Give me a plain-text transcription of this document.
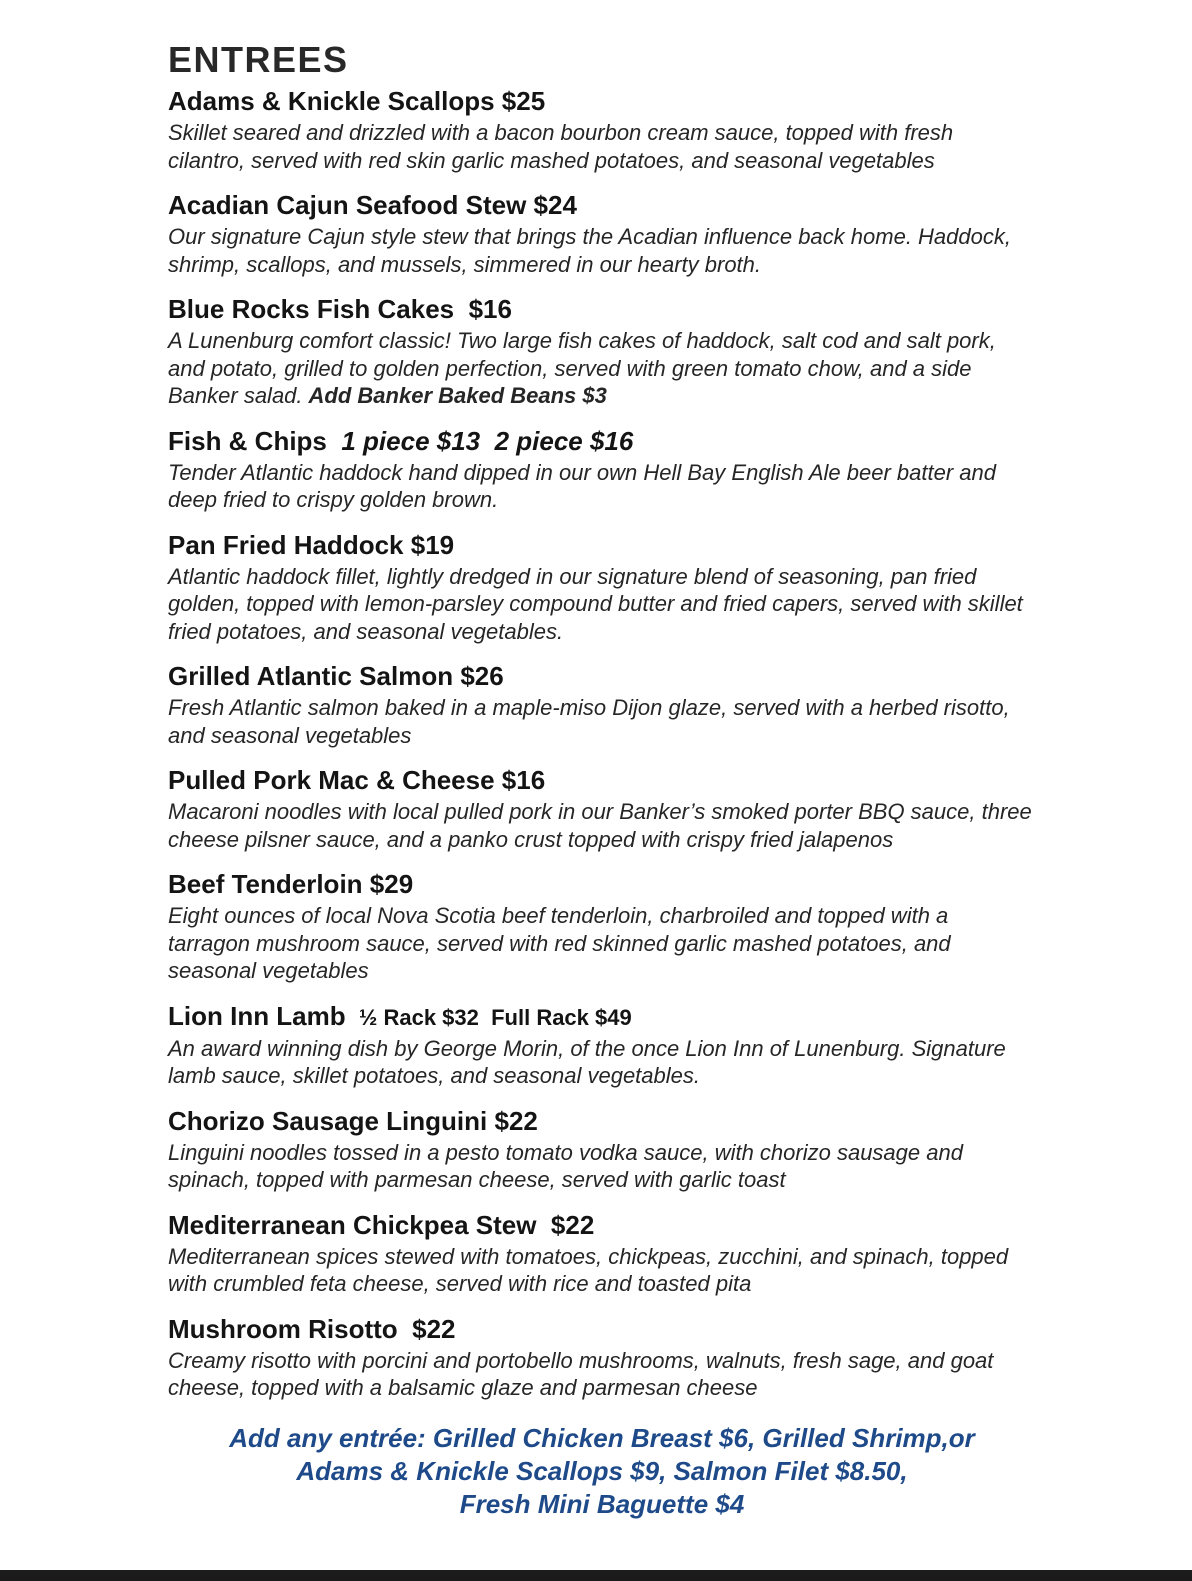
ENTREES
Adams & Knickle Scallops $25

Skillet seared and drizzled with a bacon bourbon cream sauce, topped with fresh cilantro, served with red skin garlic mashed potatoes, and seasonal vegetables

Acadian Cajun Seafood Stew $24

Our signature Cajun style stew that brings the Acadian influence back home. Haddock, shrimp, scallops, and mussels, simmered in our hearty broth.

Blue Rocks Fish Cakes  $16

A Lunenburg comfort classic! Two large fish cakes of haddock, salt cod and salt pork, and potato, grilled to golden perfection, served with green tomato chow, and a side Banker salad. Add Banker Baked Beans $3

Fish & Chips  1 piece $13  2 piece $16

Tender Atlantic haddock hand dipped in our own Hell Bay English Ale beer batter and deep fried to crispy golden brown.

Pan Fried Haddock $19

Atlantic haddock fillet, lightly dredged in our signature blend of seasoning, pan fried golden, topped with lemon-parsley compound butter and fried capers, served with skillet fried potatoes, and seasonal vegetables.

Grilled Atlantic Salmon $26

Fresh Atlantic salmon baked in a maple-miso Dijon glaze, served with a herbed risotto, and seasonal vegetables

Pulled Pork Mac & Cheese $16

Macaroni noodles with local pulled pork in our Banker’s smoked porter BBQ sauce, three cheese pilsner sauce, and a panko crust topped with crispy fried jalapenos

Beef Tenderloin $29

Eight ounces of local Nova Scotia beef tenderloin, charbroiled and topped with a tarragon mushroom sauce, served with red skinned garlic mashed potatoes, and seasonal vegetables

Lion Inn Lamb  ½ Rack $32  Full Rack $49

An award winning dish by George Morin, of the once Lion Inn of Lunenburg. Signature lamb sauce, skillet potatoes, and seasonal vegetables.

Chorizo Sausage Linguini $22

Linguini noodles tossed in a pesto tomato vodka sauce, with chorizo sausage and spinach, topped with parmesan cheese, served with garlic toast

Mediterranean Chickpea Stew  $22

Mediterranean spices stewed with tomatoes, chickpeas, zucchini, and spinach, topped with crumbled feta cheese, served with rice and toasted pita

Mushroom Risotto  $22

Creamy risotto with porcini and portobello mushrooms, walnuts, fresh sage, and goat cheese, topped with a balsamic glaze and parmesan cheese

Add any entrée: Grilled Chicken Breast $6, Grilled Shrimp,or
Adams & Knickle Scallops $9, Salmon Filet $8.50,
Fresh Mini Baguette $4
